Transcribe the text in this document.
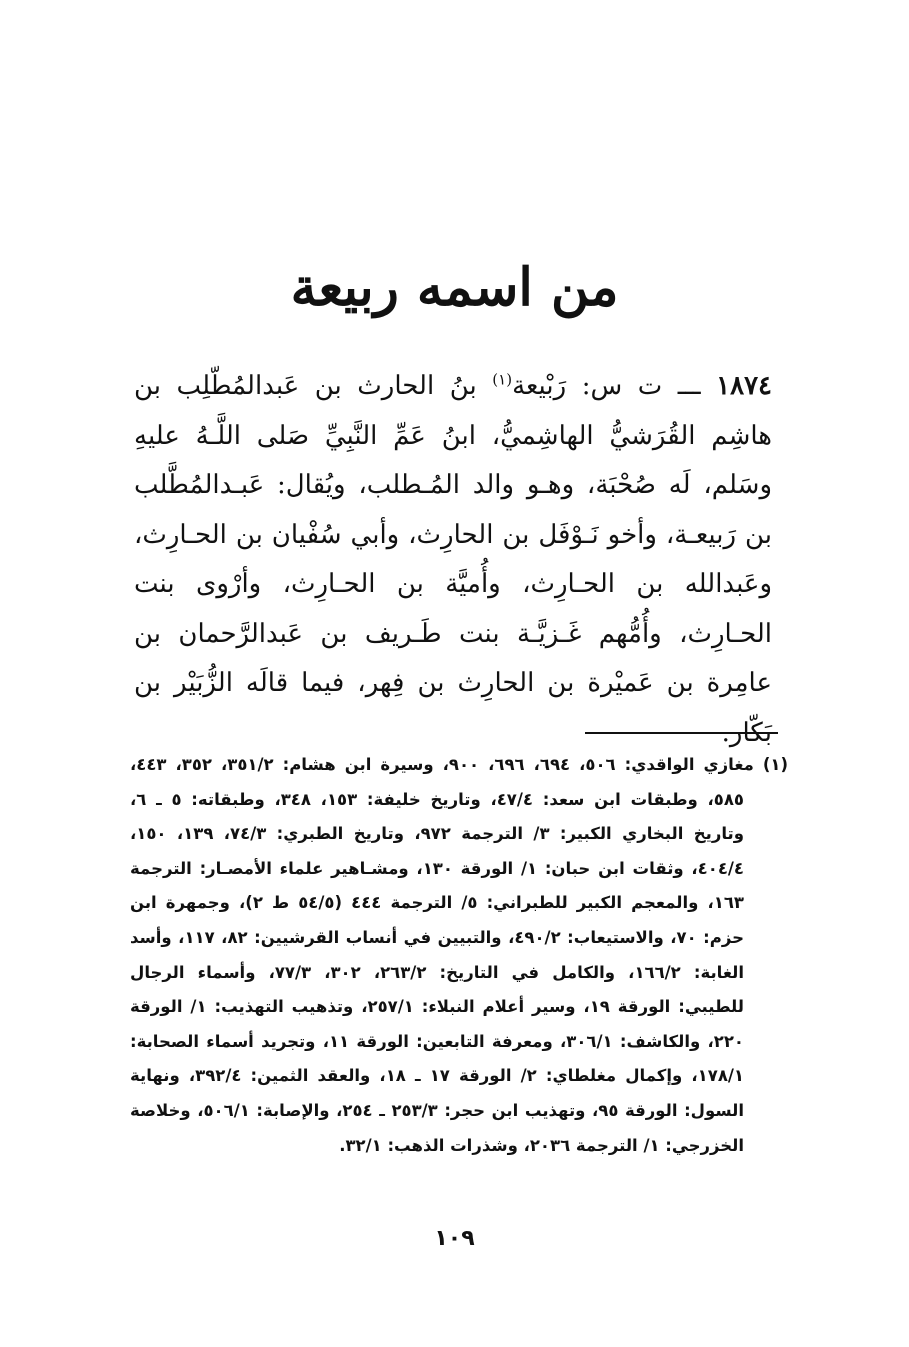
من اسمه ربيعة

١٨٧٤ ـــ ت س: رَبْيعة$^{(١)}$ بنُ الحارث بن عَبدالمُطّلِب بن هاشِم القُرَشيُّ الهاشِميُّ، ابنُ عَمِّ النَّبِيِّ صَلى اللَّـهُ عليهِ وسَلم، لَه صُحْبَة، وهـو والد المُـطلب، ويُقال: عَبـدالمُطَّلب بن رَبيعـة، وأخو نَـوْفَل بن الحارِث، وأبي سُفْيان بن الحـارِث، وعَبدالله بن الحـارِث، وأُميَّة بن الحـارِث، وأرْوى بنت الحـارِث، وأُمُّهم غَـزيَّـة بنت طَـريف بن عَبدالرَّحمان بن عامِرة بن عَميْرة بن الحارِث بن فِهر، فيما قالَه الزُّبَيْر بن بَكّار.

(١) مغازي الواقدي: ٥٠٦، ٦٩٤، ٦٩٦، ٩٠٠، وسيرة ابن هشام: ٣٥١/٢، ٣٥٢، ٤٤٣، ٥٨٥، وطبقات ابن سعد: ٤٧/٤، وتاريخ خليفة: ١٥٣، ٣٤٨، وطبقاته: ٥ ـ ٦، وتاريخ البخاري الكبير: ٣/ الترجمة ٩٧٢، وتاريخ الطبري: ٧٤/٣، ١٣٩، ١٥٠، ٤٠٤/٤، وثقات ابن حبان: ١/ الورقة ١٣٠، ومشـاهير علماء الأمصـار: الترجمة ١٦٣، والمعجم الكبير للطبراني: ٥/ الترجمة ٤٤٤ (٥٤/٥ ط ٢)، وجمهرة ابن حزم: ٧٠، والاستيعاب: ٤٩٠/٢، والتبيين في أنساب القرشيين: ٨٢، ١١٧، وأسد الغابة: ١٦٦/٢، والكامل في التاريخ: ٢٦٣/٢، ٣٠٢، ٧٧/٣، وأسماء الرجال للطيبي: الورقة ١٩، وسير أعلام النبلاء: ٢٥٧/١، وتذهيب التهذيب: ١/ الورقة ٢٢٠، والكاشف: ٣٠٦/١، ومعرفة التابعين: الورقة ١١، وتجريد أسماء الصحابة: ١٧٨/١، وإكمال مغلطاي: ٢/ الورقة ١٧ ـ ١٨، والعقد الثمين: ٣٩٢/٤، ونهاية السول: الورقة ٩٥، وتهذيب ابن حجر: ٢٥٣/٣ ـ ٢٥٤، والإصابة: ٥٠٦/١، وخلاصة الخزرجي: ١/ الترجمة ٢٠٣٦، وشذرات الذهب: ٣٢/١.

١٠٩
